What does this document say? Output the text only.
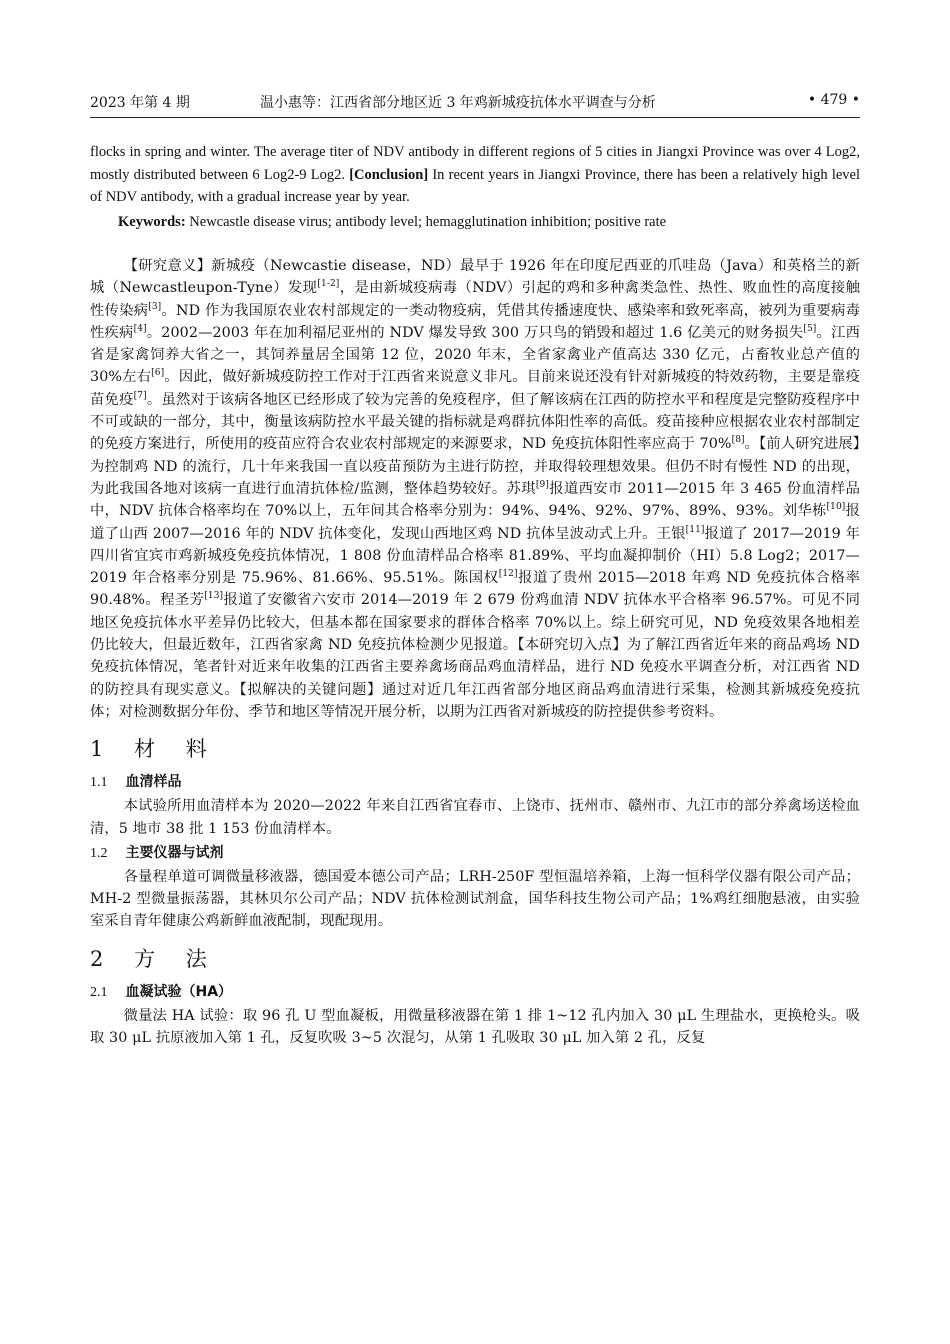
2023 年第 4 期	温小惠等：江西省部分地区近 3 年鸡新城疫抗体水平调查与分析	• 479 •

flocks in spring and winter. The average titer of NDV antibody in different regions of 5 cities in Jiangxi Province was over 4 Log2, mostly distributed between 6 Log2-9 Log2. [Conclusion] In recent years in Jiangxi Province, there has been a relatively high level of NDV antibody, with a gradual increase year by year.

Keywords: Newcastle disease virus; antibody level; hemagglutination inhibition; positive rate

【研究意义】新城疫（Newcastie disease，ND）最早于 1926 年在印度尼西亚的爪哇岛（Java）和英格兰的新城（Newcastleupon-Tyne）发现[1-2]，是由新城疫病毒（NDV）引起的鸡和多种禽类急性、热性、败血性的高度接触性传染病[3]。ND 作为我国原农业农村部规定的一类动物疫病，凭借其传播速度快、感染率和致死率高，被列为重要病毒性疾病[4]。2002—2003 年在加利福尼亚州的 NDV 爆发导致 300 万只鸟的销毁和超过 1.6 亿美元的财务损失[5]。江西省是家禽饲养大省之一，其饲养量居全国第 12 位，2020 年末，全省家禽业产值高达 330 亿元，占畜牧业总产值的 30%左右[6]。因此，做好新城疫防控工作对于江西省来说意义非凡。目前来说还没有针对新城疫的特效药物，主要是靠疫苗免疫[7]。虽然对于该病各地区已经形成了较为完善的免疫程序，但了解该病在江西的防控水平和程度是完整防疫程序中不可或缺的一部分，其中，衡量该病防控水平最关键的指标就是鸡群抗体阳性率的高低。疫苗接种应根据农业农村部制定的免疫方案进行，所使用的疫苗应符合农业农村部规定的来源要求，ND 免疫抗体阳性率应高于 70%[8]。【前人研究进展】为控制鸡 ND 的流行，几十年来我国一直以疫苗预防为主进行防控，并取得较理想效果。但仍不时有慢性 ND 的出现，为此我国各地对该病一直进行血清抗体检/监测，整体趋势较好。苏琪[9]报道西安市 2011—2015 年 3 465 份血清样品中，NDV 抗体合格率均在 70%以上，五年间其合格率分别为：94%、94%、92%、97%、89%、93%。刘华栋[10]报道了山西 2007—2016 年的 NDV 抗体变化，发现山西地区鸡 ND 抗体呈波动式上升。王银[11]报道了 2017—2019 年四川省宜宾市鸡新城疫免疫抗体情况，1 808 份血清样品合格率 81.89%、平均血凝抑制价（HI）5.8 Log2；2017—2019 年合格率分别是 75.96%、81.66%、95.51%。陈国权[12]报道了贵州 2015—2018 年鸡 ND 免疫抗体合格率 90.48%。程圣芳[13]报道了安徽省六安市 2014—2019 年 2 679 份鸡血清 NDV 抗体水平合格率 96.57%。可见不同地区免疫抗体水平差异仍比较大，但基本都在国家要求的群体合格率 70%以上。综上研究可见，ND 免疫效果各地相差仍比较大，但最近数年，江西省家禽 ND 免疫抗体检测少见报道。【本研究切入点】为了解江西省近年来的商品鸡场 ND 免疫抗体情况，笔者针对近来年收集的江西省主要养禽场商品鸡血清样品，进行 ND 免疫水平调查分析，对江西省 ND 的防控具有现实意义。【拟解决的关键问题】通过对近几年江西省部分地区商品鸡血清进行采集，检测其新城疫免疫抗体；对检测数据分年份、季节和地区等情况开展分析，以期为江西省对新城疫的防控提供参考资料。

1 材 料
1.1 血清样品

本试验所用血清样本为 2020—2022 年来自江西省宜春市、上饶市、抚州市、赣州市、九江市的部分养禽场送检血清，5 地市 38 批 1 153 份血清样本。

1.2 主要仪器与试剂

各量程单道可调微量移液器，德国爱本德公司产品；LRH-250F 型恒温培养箱，上海一恒科学仪器有限公司产品；MH-2 型微量振荡器，其林贝尔公司产品；NDV 抗体检测试剂盒，国华科技生物公司产品；1%鸡红细胞悬液，由实验室采自青年健康公鸡新鲜血液配制，现配现用。

2 方 法
2.1 血凝试验（HA）

微量法 HA 试验：取 96 孔 U 型血凝板，用微量移液器在第 1 排 1~12 孔内加入 30 μL 生理盐水，更换枪头。吸取 30 μL 抗原液加入第 1 孔，反复吹吸 3~5 次混匀，从第 1 孔吸取 30 μL 加入第 2 孔，反复
